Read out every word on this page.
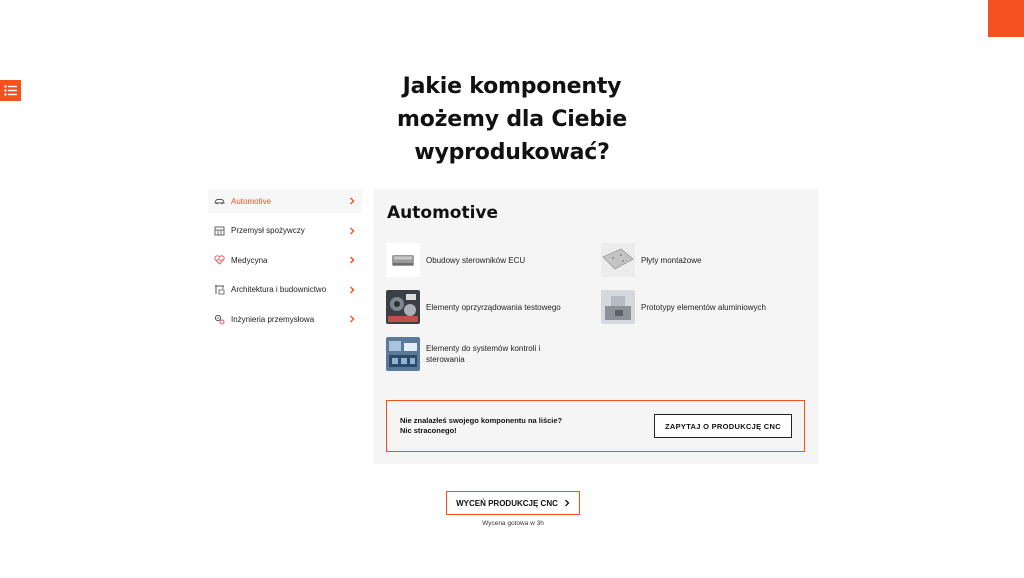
Jakie komponenty
możemy dla Ciebie
wyprodukować?
Automotive
Przemysł spożywczy
Medycyna
Architektura i budownictwo
Inżynieria przemysłowa
Automotive
Obudowy sterowników ECU	Płyty montażowe
Elementy oprzyrządowania testowego	Prototypy elementów aluminiowych
Elementy do systemów kontroli i
sterowania
Nie znalazłeś swojego komponentu na liście?
Nic straconego!	ZAPYTAJ O PRODUKCJĘ CNC
WYCEŃ PRODUKCJĘ CNC
Wycena gotowa w 3h
